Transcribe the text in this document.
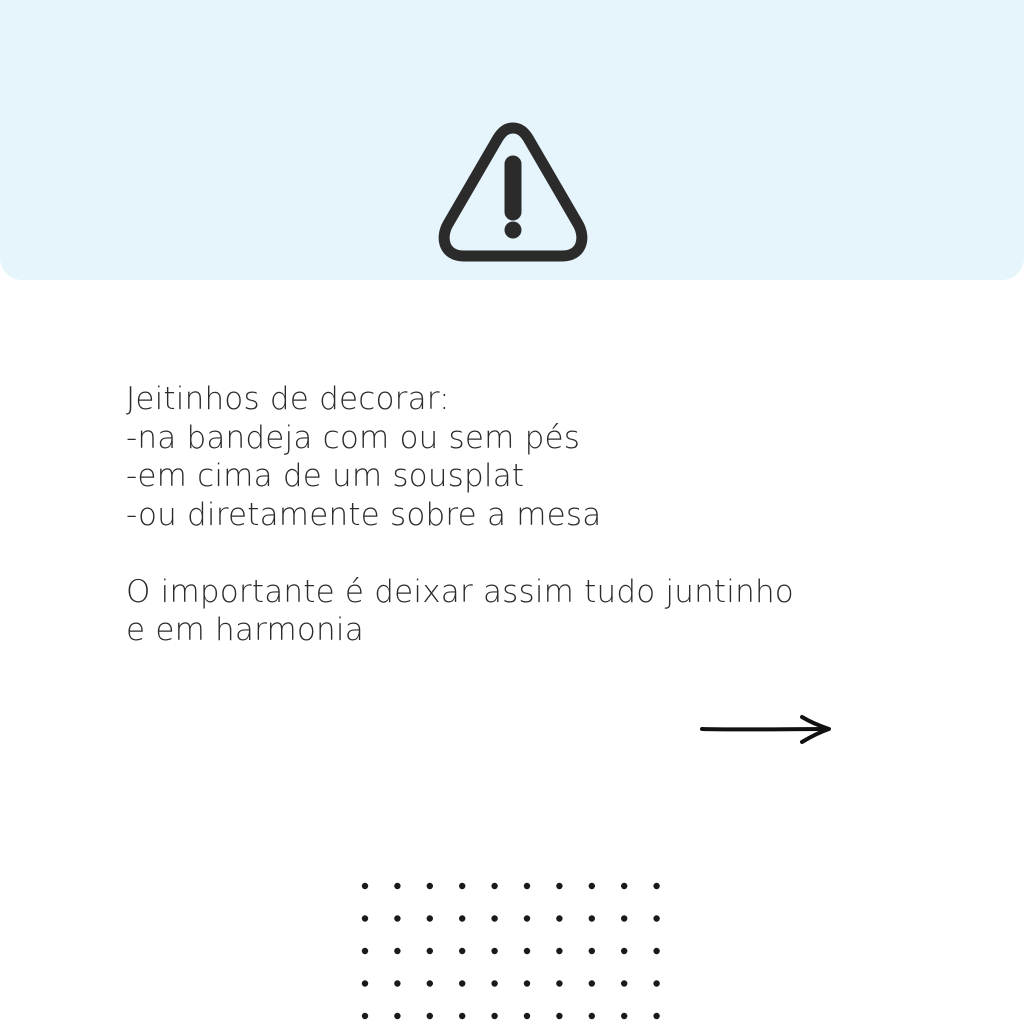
Jeitinhos de decorar:
-na bandeja com ou sem pés
-em cima de um sousplat
-ou diretamente sobre a mesa
O importante é deixar assim tudo juntinho
e em harmonia
